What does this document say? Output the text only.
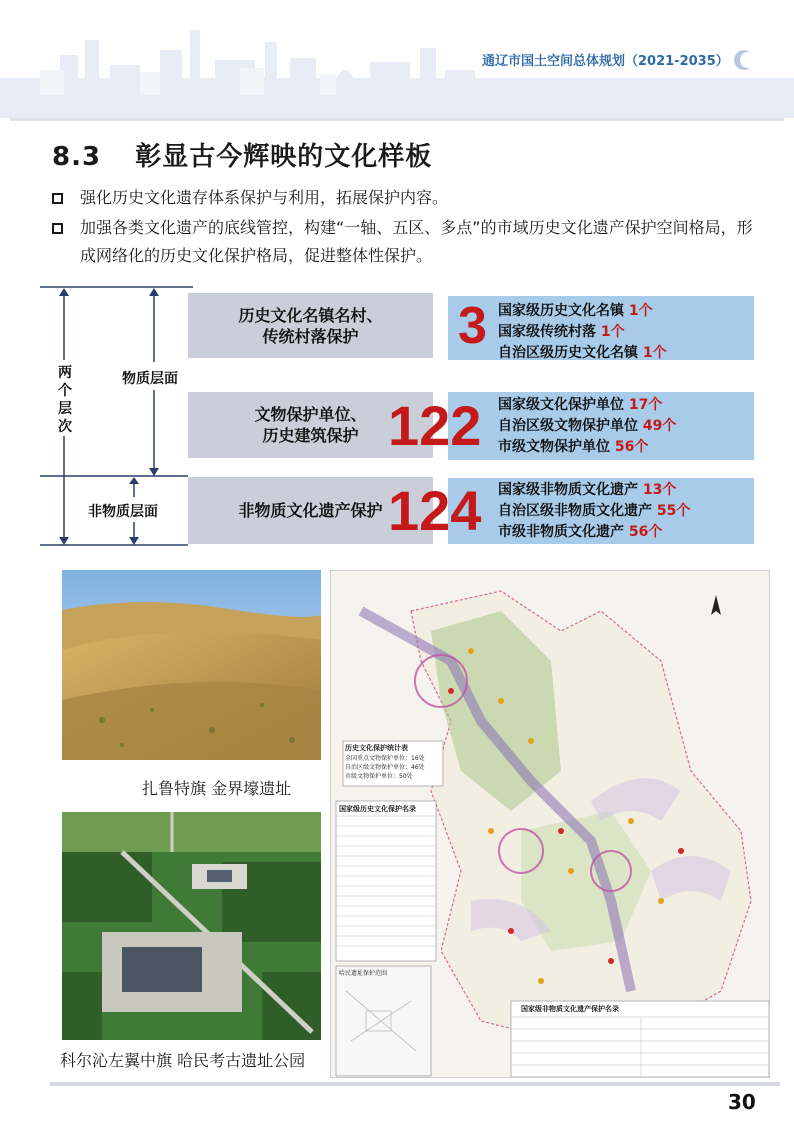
通辽市国土空间总体规划（2021-2035）
8.3 彰显古今辉映的文化样板
强化历史文化遗存体系保护与利用，拓展保护内容。
加强各类文化遗产的底线管控，构建“一轴、五区、多点”的市域历史文化遗产保护空间格局，形成网络化的历史文化保护格局，促进整体性保护。
两个层次
物质层面
非物质层面
历史文化名镇名村、
传统村落保护	3 国家级历史文化名镇 1个
国家级传统村落 1个
自治区级历史文化名镇 1个
文物保护单位、
历史建筑保护 122 国家级文化保护单位 17个
自治区级文物保护单位 49个
市级文物保护单位 56个
非物质文化遗产保护 124 国家级非物质文化遗产 13个
自治区级非物质文化遗产 55个
市级非物质文化遗产 56个
扎鲁特旗 金界壕遗址
科尔沁左翼中旗 哈民考古遗址公园
历史文化保护统计表
全国重点文物保护单位：16处
自治区级文物保护单位：46处
市级文物保护单位：50处
国家级历史文化保护名录
哈民遗址保护范围
国家级非物质文化遗产保护名录
30
